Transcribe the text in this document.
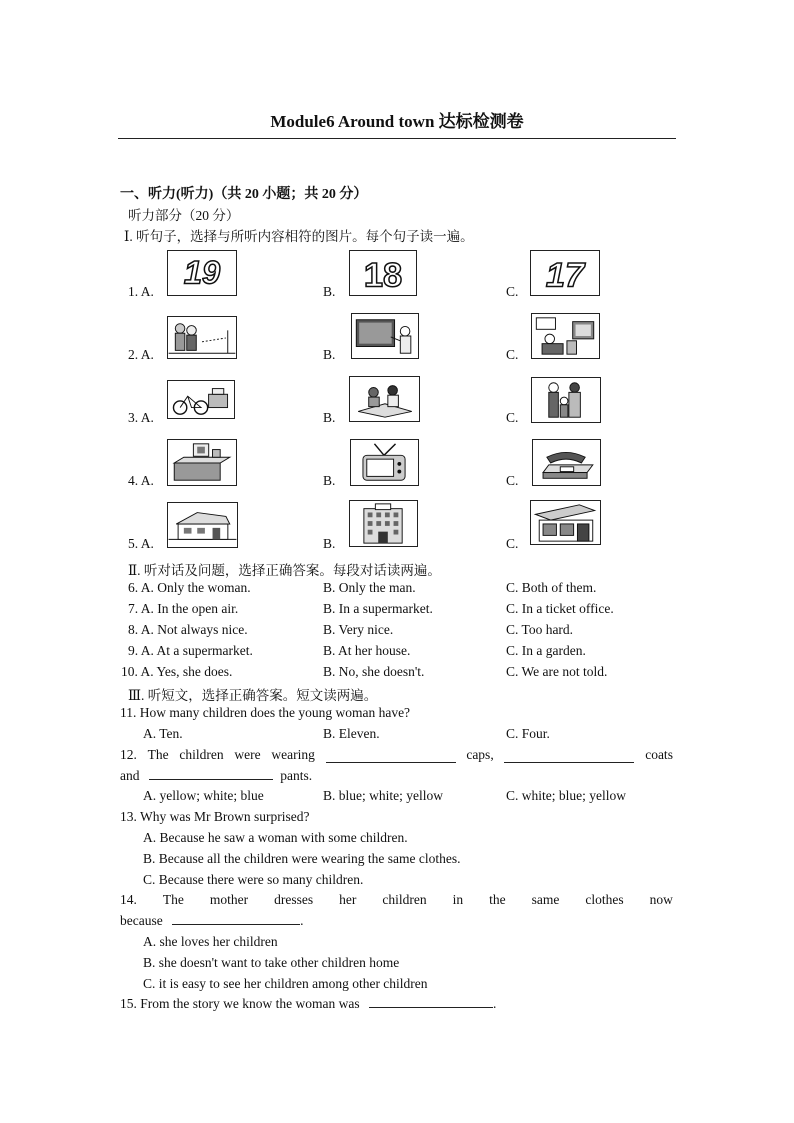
Module6 Around town 达标检测卷
一、听力(听力)（共 20 小题；共 20 分）
听力部分（20 分）
Ⅰ. 听句子，选择与所听内容相符的图片。每个句子读一遍。
1. A.	B.	C.
19	18	17
2. A.	B.	C.
3. A.	B.	C.
4. A.	B.	C.
5. A.	B.	C.
Ⅱ. 听对话及问题，选择正确答案。每段对话读两遍。
6. A. Only the woman.	B. Only the man.	C. Both of them.
7. A. In the open air.	B. In a supermarket.	C. In a ticket office.
8. A. Not always nice.	B. Very nice.	C. Too hard.
9. A. At a supermarket.	B. At her house.	C. In a garden.
10. A. Yes, she does.	B. No, she doesn't.	C. We are not told.
Ⅲ. 听短文，选择正确答案。短文读两遍。
11. How many children does the young woman have?
A. Ten.	B. Eleven.	C. Four.
12. The children were wearing	caps,	coats
and	pants.
A. yellow; white; blue	B. blue; white; yellow	C. white; blue; yellow
13. Why was Mr Brown surprised?
A. Because he saw a woman with some children.
B. Because all the children were wearing the same clothes.
C. Because there were so many children.
14. The mother dresses her children in the same clothes now
because	.
A. she loves her children
B. she doesn't want to take other children home
C. it is easy to see her children among other children
15. From the story we know the woman was	.
